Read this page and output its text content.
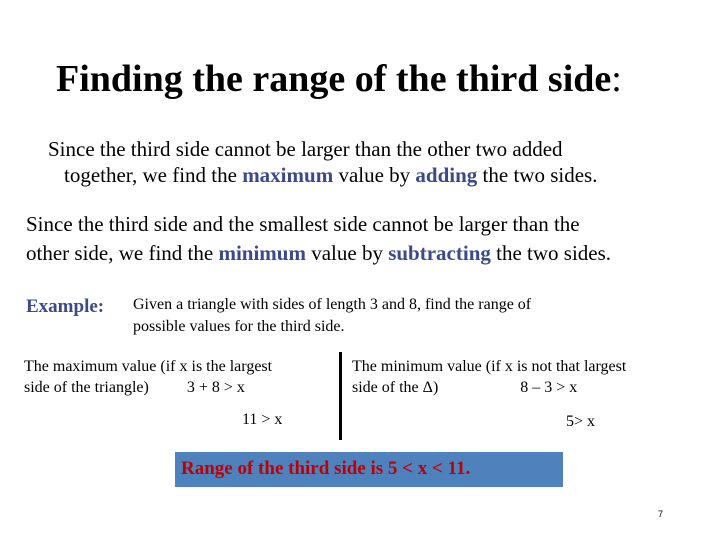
Finding the range of the third side:
Since the third side cannot be larger than the other two added
together, we find the maximum value by adding the two sides.
Since the third side and the smallest side cannot be larger than the
other side, we find the minimum value by subtracting the two sides.
Example: Given a triangle with sides of length 3 and 8, find the range of
possible values for the third side.
The maximum value (if x is the largest
side of the triangle) 3 + 8 > x
The minimum value (if x is not that largest
side of the Δ)	8 – 3 > x
11 > x	5> x
Range of the third side is 5 < x < 11.
7
